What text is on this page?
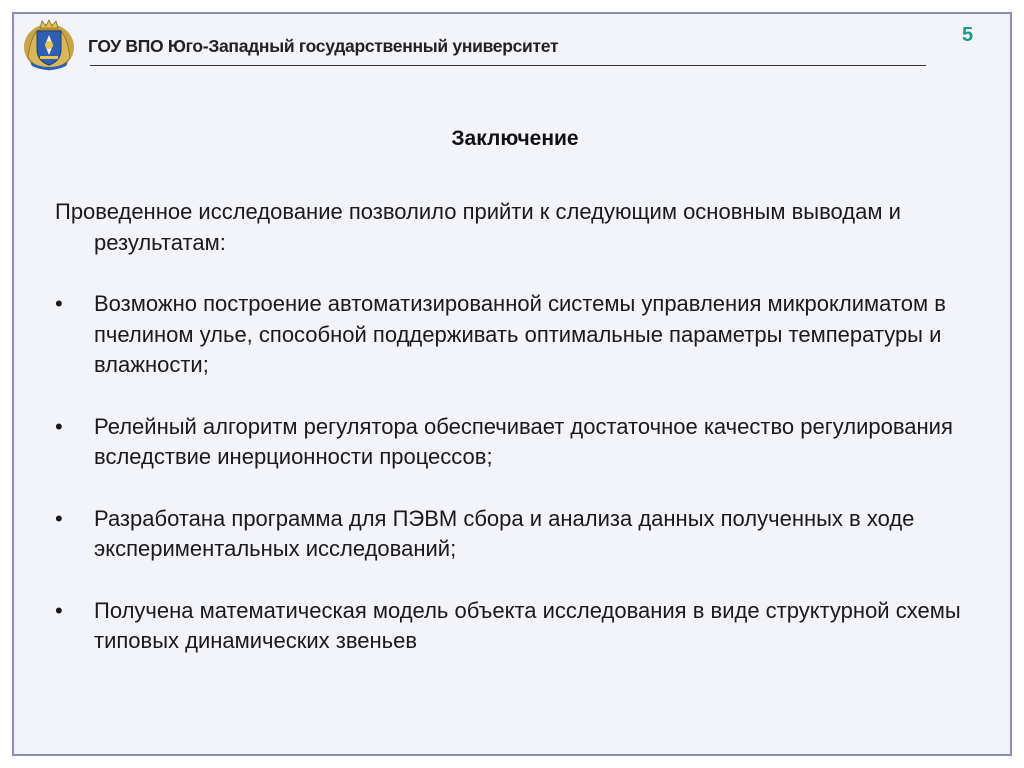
ГОУ ВПО Юго-Западный государственный университет	5
Заключение

Проведенное исследование позволило прийти к следующим основным выводам и результатам:

•	Возможно построение автоматизированной системы управления микроклиматом в пчелином улье, способной поддерживать оптимальные параметры температуры и влажности;
•	Релейный алгоритм регулятора обеспечивает достаточное качество регулирования вследствие инерционности процессов;
•	Разработана программа для ПЭВМ сбора и анализа данных полученных в ходе экспериментальных исследований;
•	Получена математическая модель объекта исследования в виде структурной схемы типовых динамических звеньев
